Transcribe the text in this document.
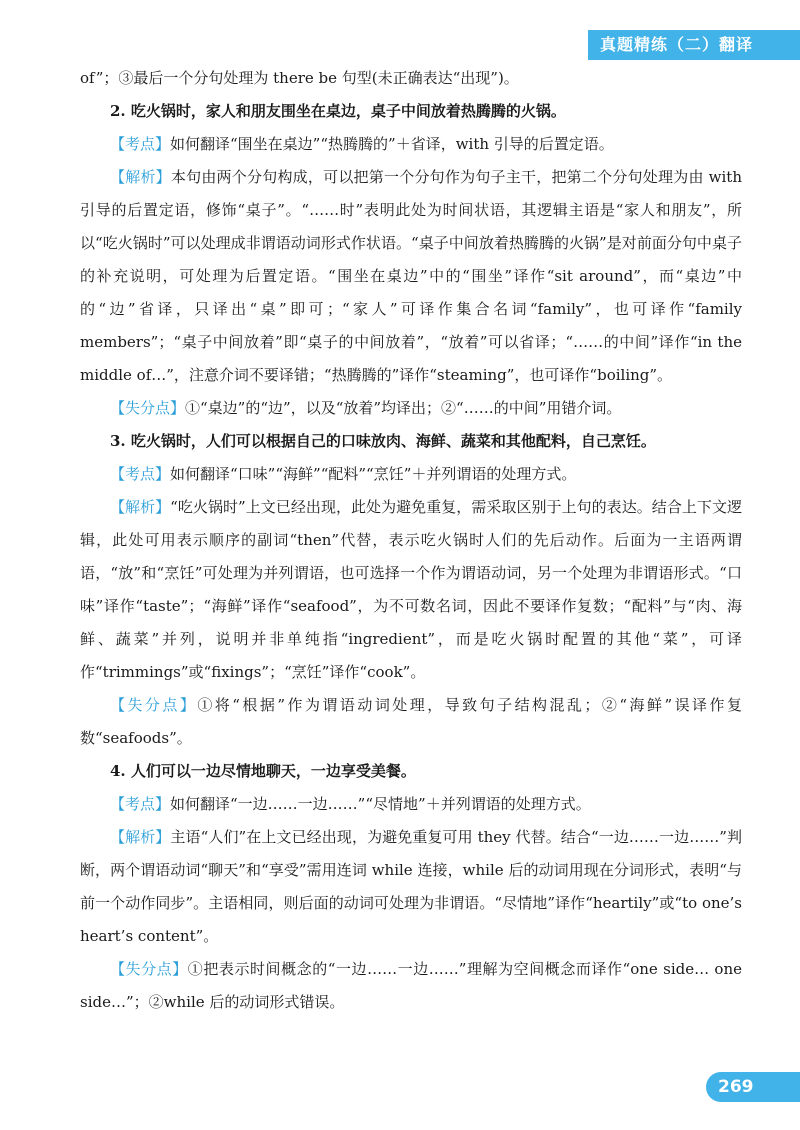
真题精练（二）翻译

of”；③最后一个分句处理为 there be 句型(未正确表达“出现”)。

2. 吃火锅时，家人和朋友围坐在桌边，桌子中间放着热腾腾的火锅。

【考点】如何翻译“围坐在桌边”“热腾腾的”＋省译，with 引导的后置定语。

【解析】本句由两个分句构成，可以把第一个分句作为句子主干，把第二个分句处理为由 with 引导的后置定语，修饰“桌子”。“……时”表明此处为时间状语，其逻辑主语是“家人和朋友”，所以“吃火锅时”可以处理成非谓语动词形式作状语。“桌子中间放着热腾腾的火锅”是对前面分句中桌子的补充说明，可处理为后置定语。“围坐在桌边”中的“围坐”译作“sit around”，而“桌边”中的“边”省译，只译出“桌”即可；“家人”可译作集合名词“family”，也可译作“family members”；“桌子中间放着”即“桌子的中间放着”，“放着”可以省译；“……的中间”译作“in the middle of…”，注意介词不要译错；“热腾腾的”译作“steaming”，也可译作“boiling”。

【失分点】①“桌边”的“边”，以及“放着”均译出；②“……的中间”用错介词。

3. 吃火锅时，人们可以根据自己的口味放肉、海鲜、蔬菜和其他配料，自己烹饪。

【考点】如何翻译“口味”“海鲜”“配料”“烹饪”＋并列谓语的处理方式。

【解析】“吃火锅时”上文已经出现，此处为避免重复，需采取区别于上句的表达。结合上下文逻辑，此处可用表示顺序的副词“then”代替，表示吃火锅时人们的先后动作。后面为一主语两谓语，“放”和“烹饪”可处理为并列谓语，也可选择一个作为谓语动词，另一个处理为非谓语形式。“口味”译作“taste”；“海鲜”译作“seafood”，为不可数名词，因此不要译作复数；“配料”与“肉、海鲜、蔬菜”并列，说明并非单纯指“ingredient”，而是吃火锅时配置的其他“菜”，可译作“trimmings”或“fixings”；“烹饪”译作“cook”。

【失分点】①将“根据”作为谓语动词处理，导致句子结构混乱；②“海鲜”误译作复数“seafoods”。

4. 人们可以一边尽情地聊天，一边享受美餐。

【考点】如何翻译“一边……一边……”“尽情地”＋并列谓语的处理方式。

【解析】主语“人们”在上文已经出现，为避免重复可用 they 代替。结合“一边……一边……”判断，两个谓语动词“聊天”和“享受”需用连词 while 连接，while 后的动词用现在分词形式，表明“与前一个动作同步”。主语相同，则后面的动词可处理为非谓语。“尽情地”译作“heartily”或“to one’s heart’s content”。

【失分点】①把表示时间概念的“一边……一边……”理解为空间概念而译作“one side… one side…”；②while 后的动词形式错误。

269
